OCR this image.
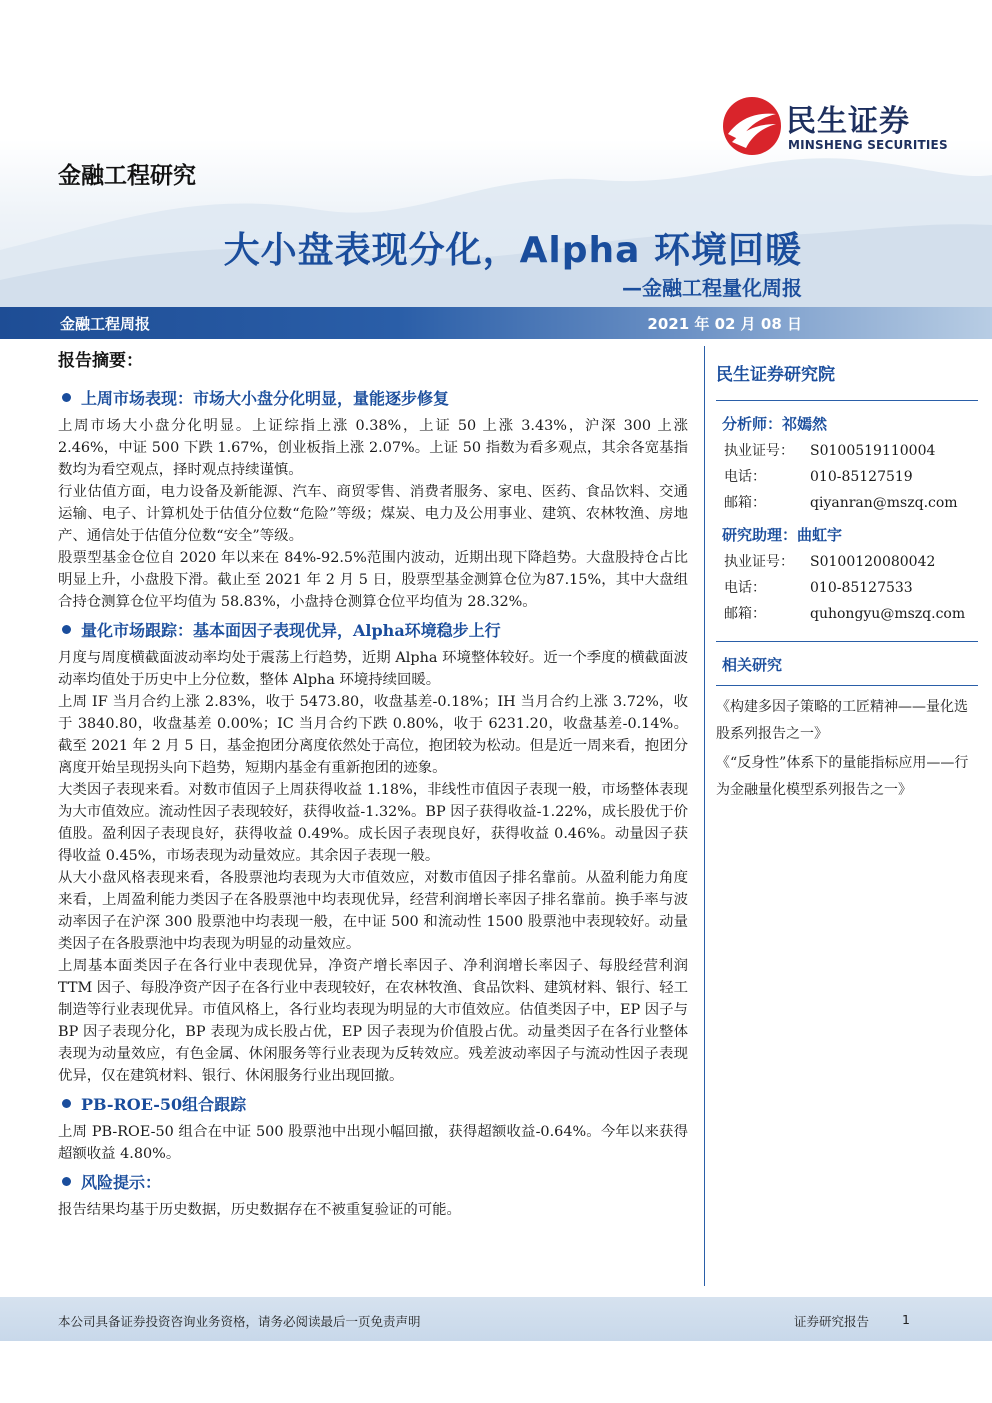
民生证券
MINSHENG SECURITIES
金融工程研究
大小盘表现分化，Alpha 环境回暖
—金融工程量化周报
金融工程周报	2021 年 02 月 08 日
报告摘要：
上周市场表现：市场大小盘分化明显，量能逐步修复

上周市场大小盘分化明显。上证综指上涨 0.38%，上证 50 上涨 3.43%，沪深 300 上涨 2.46%，中证 500 下跌 1.67%，创业板指上涨 2.07%。上证 50 指数为看多观点，其余各宽基指数均为看空观点，择时观点持续谨慎。

行业估值方面，电力设备及新能源、汽车、商贸零售、消费者服务、家电、医药、食品饮料、交通运输、电子、计算机处于估值分位数“危险”等级；煤炭、电力及公用事业、建筑、农林牧渔、房地产、通信处于估值分位数“安全”等级。

股票型基金仓位自 2020 年以来在 84%-92.5%范围内波动，近期出现下降趋势。大盘股持仓占比明显上升，小盘股下滑。截止至 2021 年 2 月 5 日，股票型基金测算仓位为87.15%，其中大盘组合持仓测算仓位平均值为 58.83%，小盘持仓测算仓位平均值为 28.32%。

量化市场跟踪：基本面因子表现优异，Alpha环境稳步上行

月度与周度横截面波动率均处于震荡上行趋势，近期 Alpha 环境整体较好。近一个季度的横截面波动率均值处于历史中上分位数，整体 Alpha 环境持续回暖。

上周 IF 当月合约上涨 2.83%，收于 5473.80，收盘基差-0.18%；IH 当月合约上涨 3.72%，收于 3840.80，收盘基差 0.00%；IC 当月合约下跌 0.80%，收于 6231.20，收盘基差-0.14%。截至 2021 年 2 月 5 日，基金抱团分离度依然处于高位，抱团较为松动。但是近一周来看，抱团分离度开始呈现拐头向下趋势，短期内基金有重新抱团的迹象。

大类因子表现来看。对数市值因子上周获得收益 1.18%，非线性市值因子表现一般，市场整体表现为大市值效应。流动性因子表现较好，获得收益-1.32%。BP 因子获得收益-1.22%，成长股优于价值股。盈利因子表现良好，获得收益 0.49%。成长因子表现良好，获得收益 0.46%。动量因子获得收益 0.45%，市场表现为动量效应。其余因子表现一般。

从大小盘风格表现来看，各股票池均表现为大市值效应，对数市值因子排名靠前。从盈利能力角度来看，上周盈利能力类因子在各股票池中均表现优异，经营利润增长率因子排名靠前。换手率与波动率因子在沪深 300 股票池中均表现一般，在中证 500 和流动性 1500 股票池中表现较好。动量类因子在各股票池中均表现为明显的动量效应。

上周基本面类因子在各行业中表现优异，净资产增长率因子、净利润增长率因子、每股经营利润 TTM 因子、每股净资产因子在各行业中表现较好，在农林牧渔、食品饮料、建筑材料、银行、轻工制造等行业表现优异。市值风格上，各行业均表现为明显的大市值效应。估值类因子中，EP 因子与 BP 因子表现分化，BP 表现为成长股占优，EP 因子表现为价值股占优。动量类因子在各行业整体表现为动量效应，有色金属、休闲服务等行业表现为反转效应。残差波动率因子与流动性因子表现优异，仅在建筑材料、银行、休闲服务行业出现回撤。

PB-ROE-50组合跟踪

上周 PB-ROE-50 组合在中证 500 股票池中出现小幅回撤，获得超额收益-0.64%。今年以来获得超额收益 4.80%。

风险提示：

报告结果均基于历史数据，历史数据存在不被重复验证的可能。

民生证券研究院
分析师：祁嫣然
执业证号：	S0100519110004
电话：	010-85127519
邮箱：	qiyanran@mszq.com
研究助理：曲虹宇
执业证号：	S0100120080042
电话：	010-85127533
邮箱：	quhongyu@mszq.com
相关研究
《构建多因子策略的工匠精神——量化选股系列报告之一》
《“反身性”体系下的量能指标应用——行为金融量化模型系列报告之一》
本公司具备证券投资咨询业务资格，请务必阅读最后一页免责声明	证券研究报告	1
